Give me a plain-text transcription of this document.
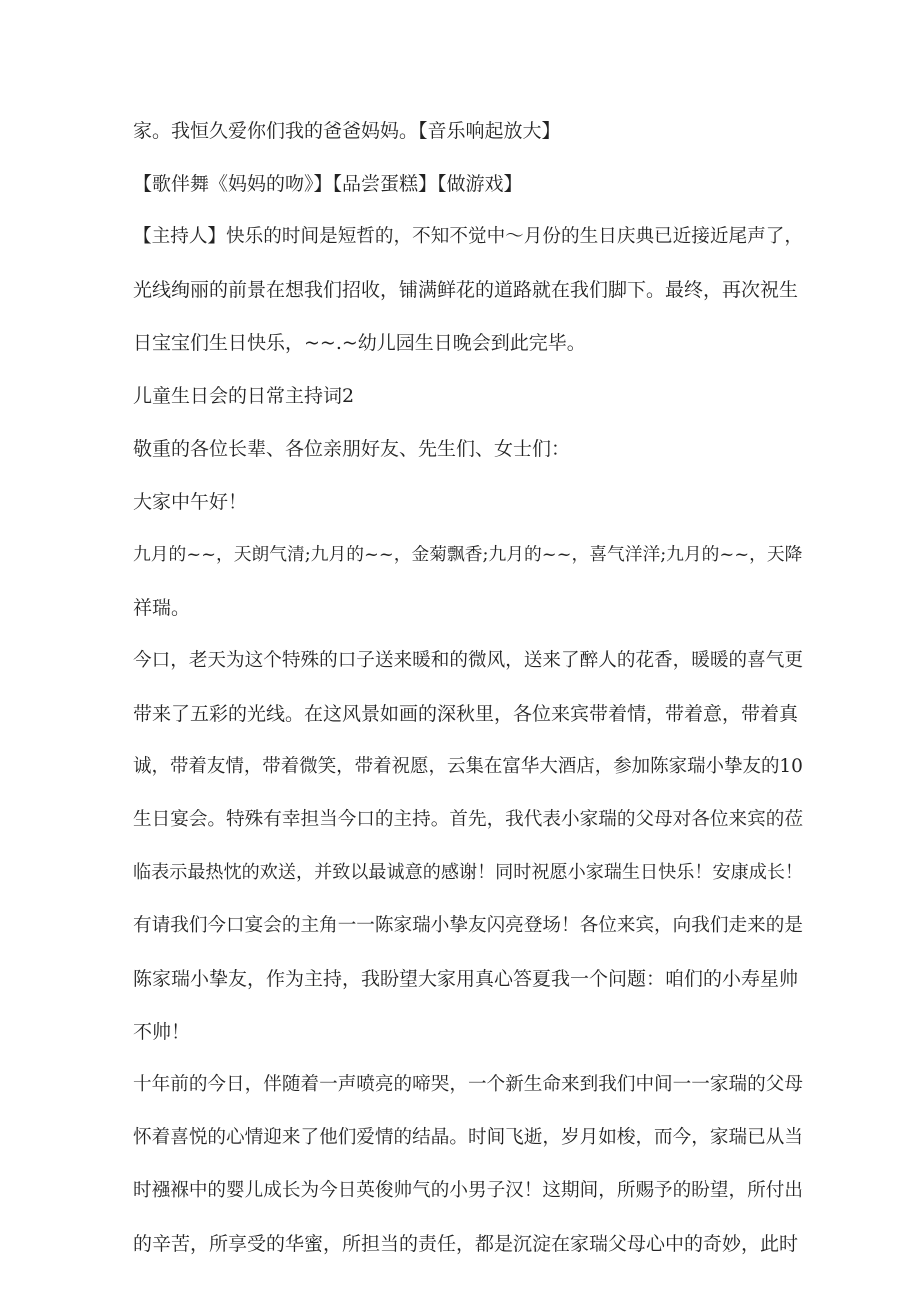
家。我恒久爱你们我的爸爸妈妈。【音乐响起放大】
【歌伴舞《妈妈的吻》】【品尝蛋糕】【做游戏】
【主持人】快乐的时间是短哲的，不知不觉中～月份的生日庆典已近接近尾声了，
光线绚丽的前景在想我们招收，铺满鲜花的道路就在我们脚下。最终，再次祝生
日宝宝们生日快乐，~~.~幼儿园生日晚会到此完毕。
儿童生日会的日常主持词2
敬重的各位长辈、各位亲朋好友、先生们、女士们：
大家中午好！
九月的~~，天朗气清;九月的~~，金菊飘香;九月的~~，喜气洋洋;九月的~~，天降
祥瑞。
今口，老天为这个特殊的口子送来暖和的微风，送来了醉人的花香，暖暖的喜气更
带来了五彩的光线。在这风景如画的深秋里，各位来宾带着情，带着意，带着真
诚，带着友情，带着微笑，带着祝愿，云集在富华大酒店，参加陈家瑞小挚友的10
生日宴会。特殊有幸担当今口的主持。首先，我代表小家瑞的父母对各位来宾的莅
临表示最热忱的欢送，并致以最诚意的感谢！同时祝愿小家瑞生日快乐！安康成长！
有请我们今口宴会的主角一一陈家瑞小挚友闪亮登场！各位来宾，向我们走来的是
陈家瑞小挚友，作为主持，我盼望大家用真心答夏我一个问题：咱们的小寿星帅
不帅！
十年前的今日，伴随着一声喷亮的啼哭，一个新生命来到我们中间一一家瑞的父母
怀着喜悦的心情迎来了他们爱情的结晶。时间飞逝，岁月如梭，而今，家瑞已从当
时襁褓中的婴儿成长为今日英俊帅气的小男子汉！这期间，所赐予的盼望，所付出
的辛苦，所享受的华蜜，所担当的责任，都是沉淀在家瑞父母心中的奇妙，此时
